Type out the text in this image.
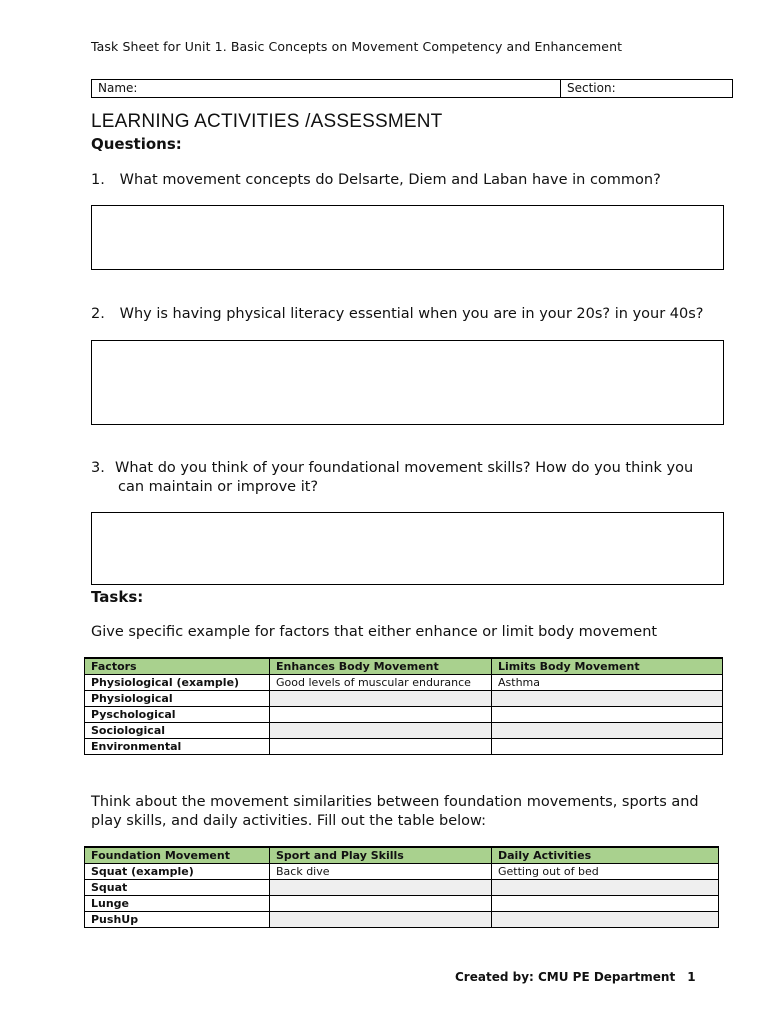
Task Sheet for Unit 1. Basic Concepts on Movement Competency and Enhancement
Name:	Section:
LEARNING ACTIVITIES /ASSESSMENT
Questions:
1. What movement concepts do Delsarte, Diem and Laban have in common?
2. Why is having physical literacy essential when you are in your 20s? in your 40s?
3. What do you think of your foundational movement skills? How do you think you
can maintain or improve it?
Tasks:
Give specific example for factors that either enhance or limit body movement
Factors	Enhances Body Movement	Limits Body Movement
Physiological (example)	Good levels of muscular endurance	Asthma
Physiological		
Pyschological		
Sociological		
Environmental		
Think about the movement similarities between foundation movements, sports and
play skills, and daily activities. Fill out the table below:
Foundation Movement	Sport and Play Skills	Daily Activities
Squat (example)	Back dive	Getting out of bed
Squat		
Lunge		
PushUp		
Created by: CMU PE Department 1
